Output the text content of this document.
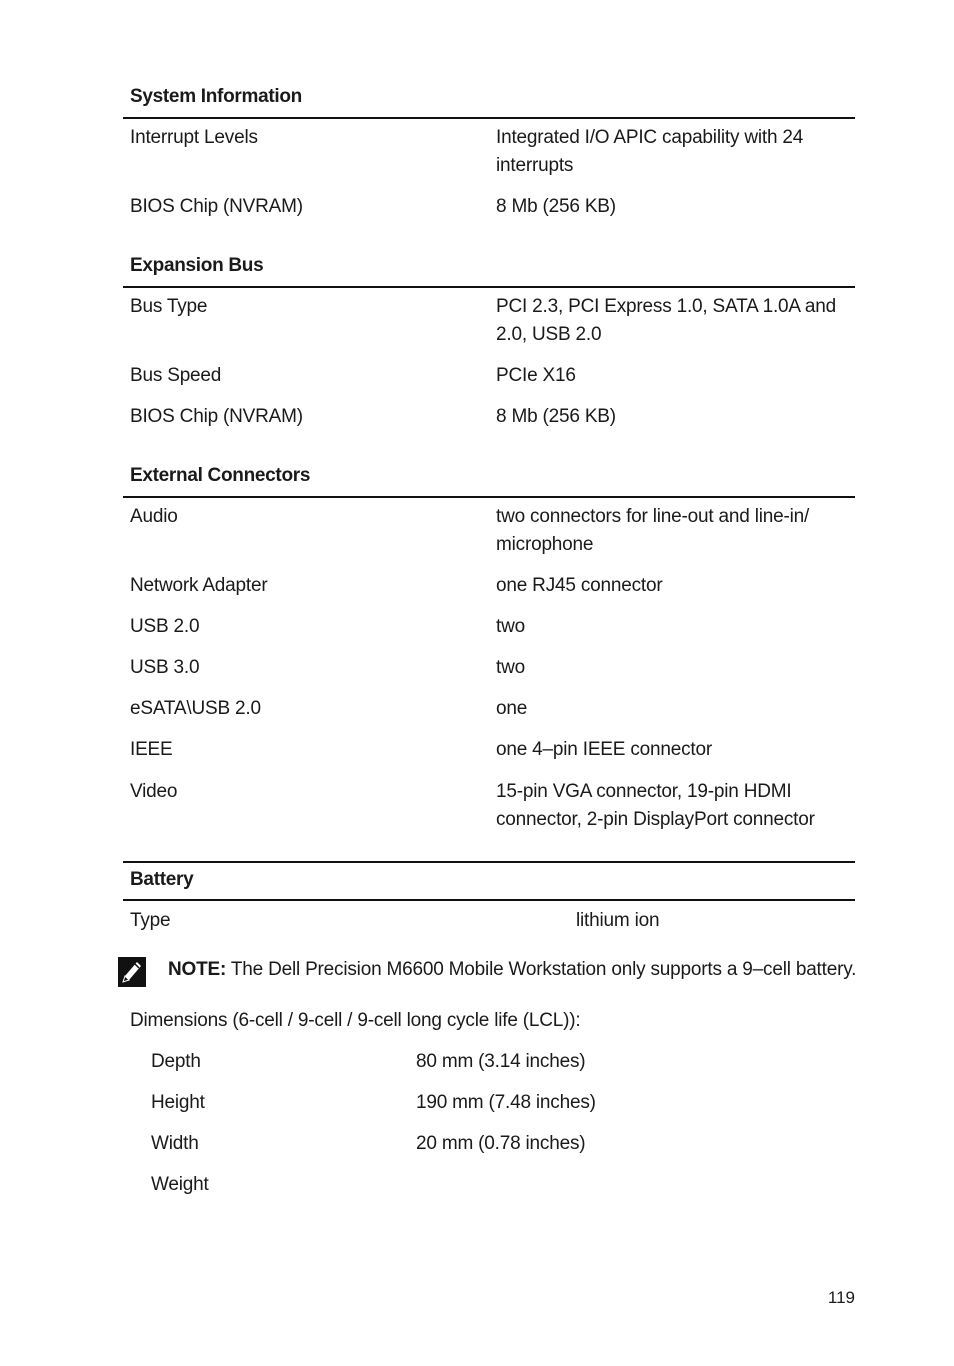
System Information
Interrupt Levels	Integrated I/O APIC capability with 24 interrupts
BIOS Chip (NVRAM)	8 Mb (256 KB)
Expansion Bus
Bus Type	PCI 2.3, PCI Express 1.0, SATA 1.0A and 2.0, USB 2.0
Bus Speed	PCIe X16
BIOS Chip (NVRAM)	8 Mb (256 KB)
External Connectors
Audio	two connectors for line-out and line-in/ microphone
Network Adapter	one RJ45 connector
USB 2.0	two
USB 3.0	two
eSATA\USB 2.0	one
IEEE	one 4–pin IEEE connector
Video	15-pin VGA connector, 19-pin HDMI connector, 2-pin DisplayPort connector
Battery
Type	lithium ion
NOTE: The Dell Precision M6600 Mobile Workstation only supports a 9–cell battery.
Dimensions (6-cell / 9-cell / 9-cell long cycle life (LCL)):
Depth	80 mm (3.14 inches)
Height	190 mm (7.48 inches)
Width	20 mm (0.78 inches)
Weight
119
